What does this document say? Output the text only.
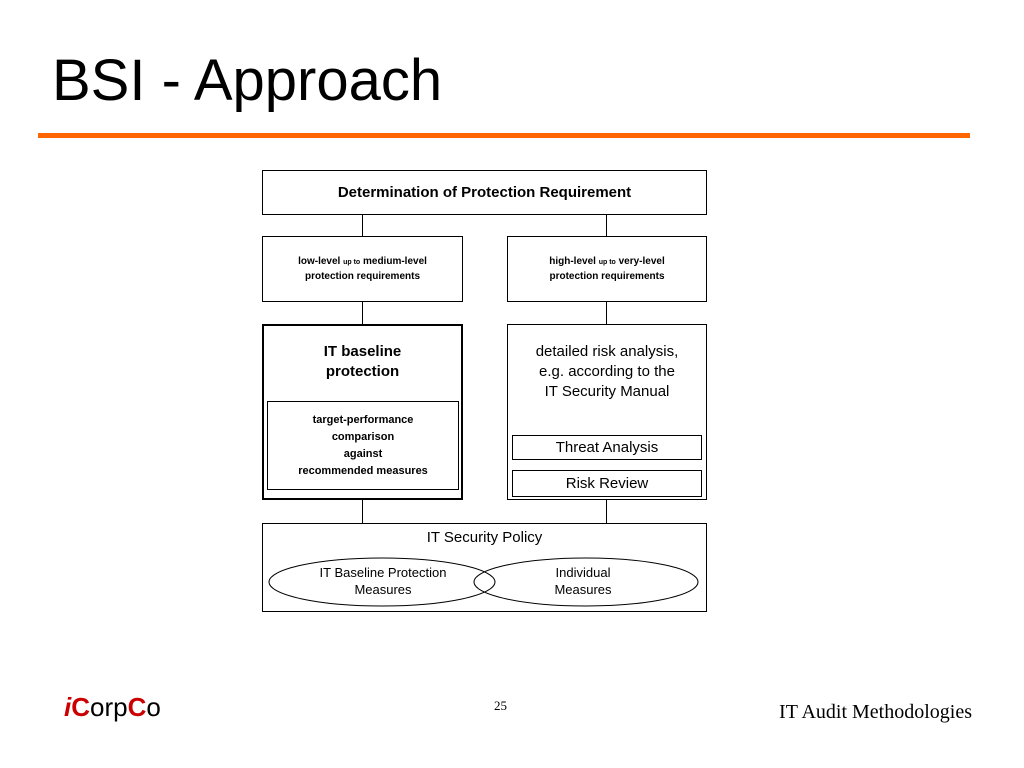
BSI - Approach
Determination of Protection Requirement
low-level up to medium-level
protection requirements
high-level up to very-level
protection requirements
IT baseline
protection
target-performance
comparison
against
recommended measures
detailed risk analysis,
e.g. according to the
IT Security Manual
Threat Analysis
Risk Review
IT Security Policy
IT Baseline Protection
Measures
Individual
Measures
iCorpCo	25	IT Audit Methodologies
